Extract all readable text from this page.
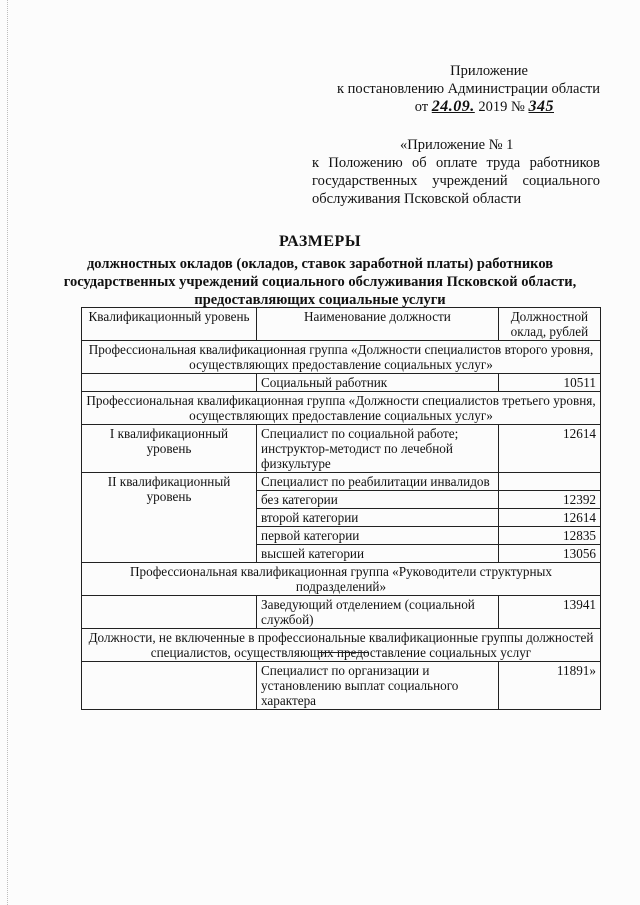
Приложение
к постановлению Администрации области
от 24.09. 2019 № 345
«Приложение № 1
к Положению об оплате труда работников государственных учреждений социального обслуживания Псковской области
РАЗМЕРЫ
должностных окладов (окладов, ставок заработной платы) работников государственных учреждений социального обслуживания Псковской области, предоставляющих социальные услуги
Квалификационный уровень	Наименование должности	Должностной оклад, рублей
Профессиональная квалификационная группа «Должности специалистов второго уровня, осуществляющих предоставление социальных услуг»		
	Социальный работник	10511
Профессиональная квалификационная группа «Должности специалистов третьего уровня, осуществляющих предоставление социальных услуг»		
I квалификационный уровень	Специалист по социальной работе; инструктор-методист по лечебной физкультуре	12614
II квалификационный уровень	Специалист по реабилитации инвалидов	
	без категории	12392
	второй категории	12614
	первой категории	12835
	высшей категории	13056
Профессиональная квалификационная группа «Руководители структурных подразделений»		
	Заведующий отделением (социальной службой)	13941
Должности, не включенные в профессиональные квалификационные группы должностей специалистов, осуществляющих предоставление социальных услуг		
	Специалист по организации и установлению выплат социального характера	11891»
